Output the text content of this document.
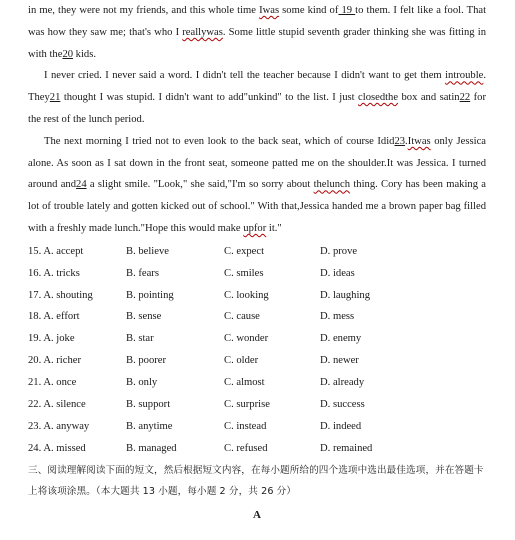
in me, they were not my friends, and this whole time Iwas some kind of 19 to them. I felt like a fool. That was how they saw me; that's who I reallywas. Some little stupid seventh grader thinking she was fitting in with the20 kids.

I never cried. I never said a word. I didn't tell the teacher because I didn't want to get them introuble. They21 thought I was stupid. I didn't want to add"unkind" to the list. I just closedthe box and satin22 for the rest of the lunch period.

The next morning I tried not to even look to the back seat, which of course Idid23.Itwas only Jessica alone. As soon as I sat down in the front seat, someone patted me on the shoulder.It was Jessica. I turned around and24 a slight smile. "Look," she said,"I'm so sorry about thelunch thing. Cory has been making a lot of trouble lately and gotten kicked out of school." With that,Jessica handed me a brown paper bag filled with a freshly made lunch."Hope this would make upfor it."

15. A. accept	B. believe	C. expect	D. prove
16. A. tricks	B. fears	C. smiles	D. ideas
17. A. shouting	B. pointing	C. looking	D. laughing
18. A. effort	B. sense	C. cause	D. mess
19. A. joke	B. star	C. wonder	D. enemy
20. A. richer	B. poorer	C. older	D. newer
21. A. once	B. only	C. almost	D. already
22. A. silence	B. support	C. surprise	D. success
23. A. anyway	B. anytime	C. instead	D. indeed
24. A. missed	B. managed	C. refused	D. remained

三、阅读理解阅读下面的短文，然后根据短文内容，在每小题所给的四个选项中选出最佳选项，并在答题卡上将该项涂黑。（本大题共 13 小题，每小题 2 分，共 26 分）

A
